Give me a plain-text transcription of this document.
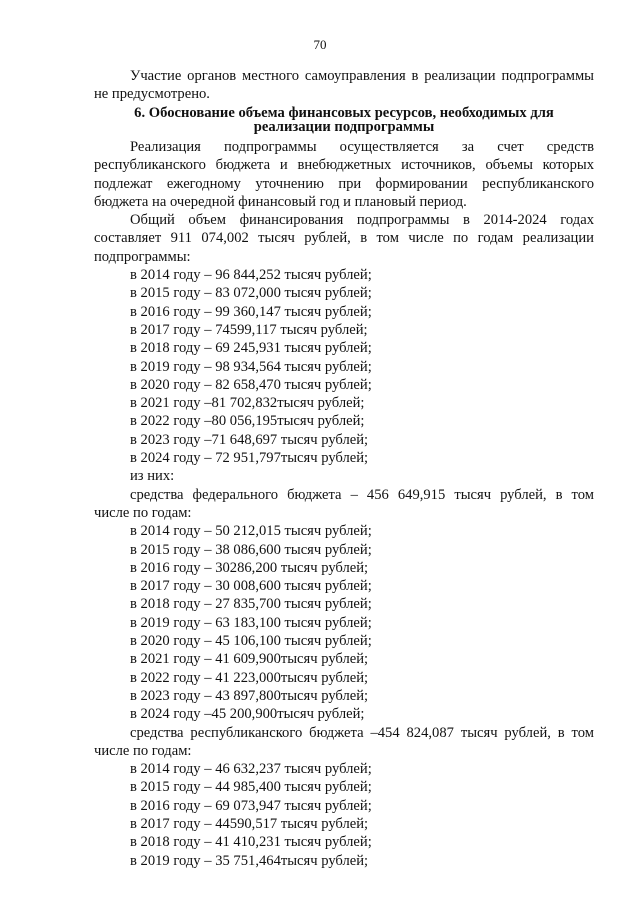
70

Участие органов местного самоуправления в реализации подпрограммы

не предусмотрено.

6. Обоснование объема финансовых ресурсов, необходимых для
реализации подпрограммы

Реализация подпрограммы осуществляется за счет средств

республиканского бюджета и внебюджетных источников, объемы которых

подлежат ежегодному уточнению при формировании республиканского

бюджета на очередной финансовый год и плановый период.

Общий объем финансирования подпрограммы в 2014-2024 годах

составляет 911 074,002 тысяч рублей, в том числе по годам реализации

подпрограммы:

в 2014 году – 96 844,252 тысяч рублей;
в 2015 году – 83 072,000 тысяч рублей;
в 2016 году – 99 360,147 тысяч рублей;
в 2017 году – 74599,117 тысяч рублей;
в 2018 году – 69 245,931 тысяч рублей;
в 2019 году – 98 934,564 тысяч рублей;
в 2020 году – 82 658,470 тысяч рублей;
в 2021 году –81 702,832тысяч рублей;
в 2022 году –80 056,195тысяч рублей;
в 2023 году –71 648,697 тысяч рублей;
в 2024 году – 72 951,797тысяч рублей;
из них:

средства федерального бюджета – 456 649,915 тысяч рублей, в том

числе по годам:

в 2014 году – 50 212,015 тысяч рублей;
в 2015 году – 38 086,600 тысяч рублей;
в 2016 году – 30286,200 тысяч рублей;
в 2017 году – 30 008,600 тысяч рублей;
в 2018 году – 27 835,700 тысяч рублей;
в 2019 году – 63 183,100 тысяч рублей;
в 2020 году – 45 106,100 тысяч рублей;
в 2021 году – 41 609,900тысяч рублей;
в 2022 году – 41 223,000тысяч рублей;
в 2023 году – 43 897,800тысяч рублей;
в 2024 году –45 200,900тысяч рублей;

средства республиканского бюджета –454 824,087 тысяч рублей, в том

числе по годам:

в 2014 году – 46 632,237 тысяч рублей;
в 2015 году – 44 985,400 тысяч рублей;
в 2016 году – 69 073,947 тысяч рублей;
в 2017 году – 44590,517 тысяч рублей;
в 2018 году – 41 410,231 тысяч рублей;
в 2019 году – 35 751,464тысяч рублей;
